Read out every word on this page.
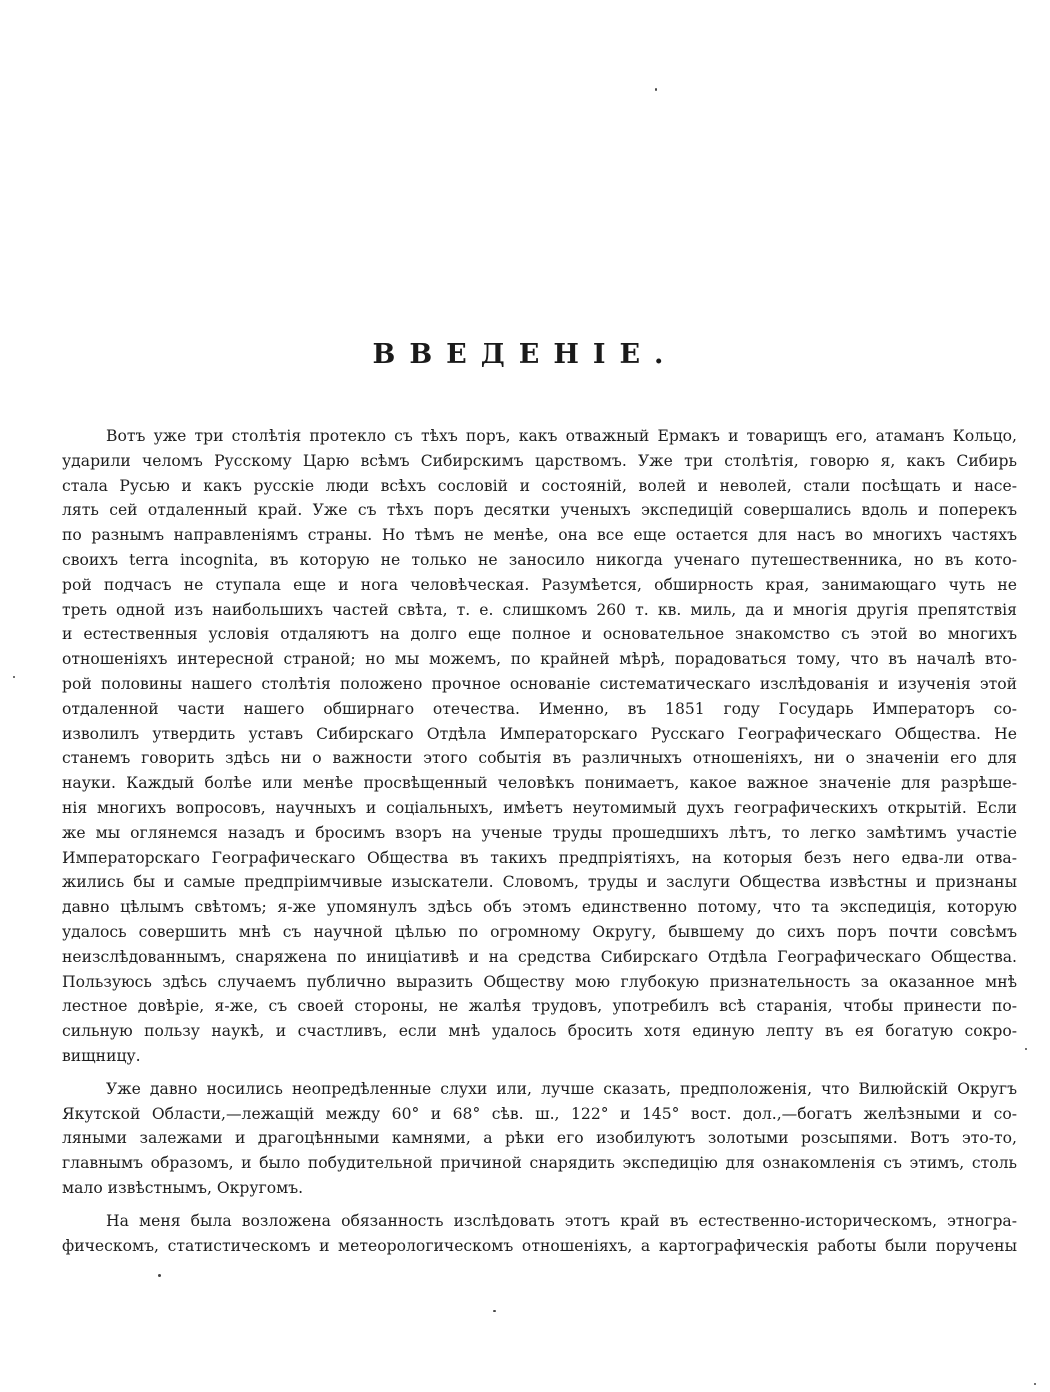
ВВЕДЕНІЕ.
Вотъ уже три столѣтія протекло съ тѣхъ поръ, какъ отважный Ермакъ и товарищъ его, атаманъ Кольцо,
ударили челомъ Русскому Царю всѣмъ Сибирскимъ царствомъ. Уже три столѣтія, говорю я, какъ Сибирь
стала Русью и какъ русскіе люди всѣхъ сословій и состояній, волей и неволей, стали посѣщать и насе-
лять сей отдаленный край. Уже съ тѣхъ поръ десятки ученыхъ экспедицій совершались вдоль и поперекъ
по разнымъ направленіямъ страны. Но тѣмъ не менѣе, она все еще остается для насъ во многихъ частяхъ
своихъ terra incognita, въ которую не только не заносило никогда ученаго путешественника, но въ кото-
рой подчасъ не ступала еще и нога человѣческая. Разумѣется, обширность края, занимающаго чуть не
треть одной изъ наибольшихъ частей свѣта, т. е. слишкомъ 260 т. кв. миль, да и многія другія препятствія
и естественныя условія отдаляютъ на долго еще полное и основательное знакомство съ этой во многихъ
отношеніяхъ интересной страной; но мы можемъ, по крайней мѣрѣ, порадоваться тому, что въ началѣ вто-
рой половины нашего столѣтія положено прочное основаніе систематическаго изслѣдованія и изученія этой
отдаленной части нашего обширнаго отечества. Именно, въ 1851 году Государь Императоръ со-
изволилъ утвердить уставъ Сибирскаго Отдѣла Императорскаго Русскаго Географическаго Общества. Не
станемъ говорить здѣсь ни о важности этого событія въ различныхъ отношеніяхъ, ни о значеніи его для
науки. Каждый болѣе или менѣе просвѣщенный человѣкъ понимаетъ, какое важное значеніе для разрѣше-
нія многихъ вопросовъ, научныхъ и соціальныхъ, имѣетъ неутомимый духъ географическихъ открытій. Если
же мы оглянемся назадъ и бросимъ взоръ на ученые труды прошедшихъ лѣтъ, то легко замѣтимъ участіе
Императорскаго Географическаго Общества въ такихъ предпріятіяхъ, на которыя безъ него едва-ли отва-
жились бы и самые предпріимчивые изыскатели. Словомъ, труды и заслуги Общества извѣстны и признаны
давно цѣлымъ свѣтомъ; я-же упомянулъ здѣсь объ этомъ единственно потому, что та экспедиція, которую
удалось совершить мнѣ съ научной цѣлью по огромному Округу, бывшему до сихъ поръ почти совсѣмъ
неизслѣдованнымъ, снаряжена по иниціативѣ и на средства Сибирскаго Отдѣла Географическаго Общества.
Пользуюсь здѣсь случаемъ публично выразить Обществу мою глубокую признательность за оказанное мнѣ
лестное довѣріе, я-же, съ своей стороны, не жалѣя трудовъ, употребилъ всѣ старанія, чтобы принести по-
сильную пользу наукѣ, и счастливъ, если мнѣ удалось бросить хотя единую лепту въ ея богатую сокро-
вищницу.
Уже давно носились неопредѣленные слухи или, лучше сказать, предположенія, что Вилюйскій Округъ
Якутской Области,—лежащій между 60° и 68° сѣв. ш., 122° и 145° вост. дол.,—богатъ желѣзными и со-
ляными залежами и драгоцѣнными камнями, а рѣки его изобилуютъ золотыми розсыпями. Вотъ это-то,
главнымъ образомъ, и было побудительной причиной снарядить экспедицію для ознакомленія съ этимъ, столь
мало извѣстнымъ, Округомъ.
На меня была возложена обязанность изслѣдовать этотъ край въ естественно-историческомъ, этногра-
фическомъ, статистическомъ и метеорологическомъ отношеніяхъ, а картографическія работы были поручены
